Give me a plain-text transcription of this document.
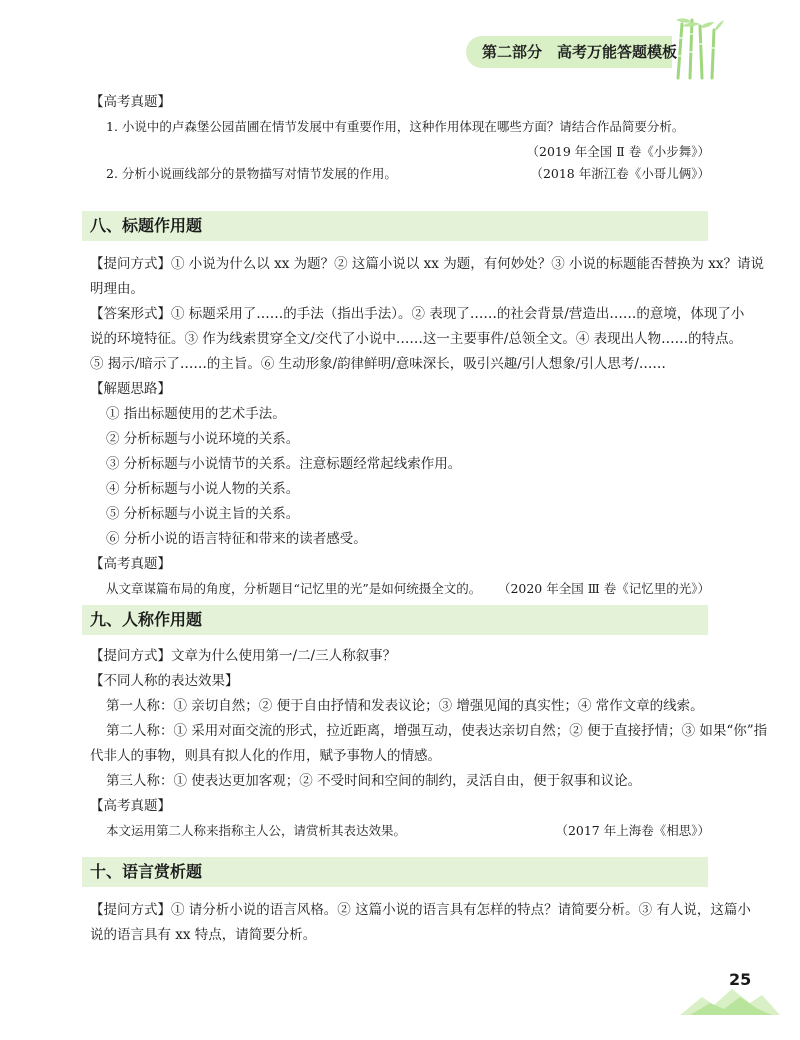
第二部分　高考万能答题模板
【高考真题】
1. 小说中的卢森堡公园苗圃在情节发展中有重要作用，这种作用体现在哪些方面？请结合作品简要分析。
（2019 年全国 Ⅱ 卷《小步舞》）
2. 分析小说画线部分的景物描写对情节发展的作用。	（2018 年浙江卷《小哥儿俩》）
八、标题作用题
【提问方式】① 小说为什么以 xx 为题？② 这篇小说以 xx 为题，有何妙处？③ 小说的标题能否替换为 xx？请说
明理由。
【答案形式】① 标题采用了……的手法（指出手法）。② 表现了……的社会背景/营造出……的意境，体现了小
说的环境特征。③ 作为线索贯穿全文/交代了小说中……这一主要事件/总领全文。④ 表现出人物……的特点。
⑤ 揭示/暗示了……的主旨。⑥ 生动形象/韵律鲜明/意味深长，吸引兴趣/引人想象/引人思考/……
【解题思路】
① 指出标题使用的艺术手法。
② 分析标题与小说环境的关系。
③ 分析标题与小说情节的关系。注意标题经常起线索作用。
④ 分析标题与小说人物的关系。
⑤ 分析标题与小说主旨的关系。
⑥ 分析小说的语言特征和带来的读者感受。
【高考真题】
从文章谋篇布局的角度，分析题目“记忆里的光”是如何统摄全文的。 （2020 年全国 Ⅲ 卷《记忆里的光》）
九、人称作用题
【提问方式】文章为什么使用第一/二/三人称叙事？
【不同人称的表达效果】
第一人称：① 亲切自然；② 便于自由抒情和发表议论；③ 增强见闻的真实性；④ 常作文章的线索。
第二人称：① 采用对面交流的形式，拉近距离，增强互动，使表达亲切自然；② 便于直接抒情；③ 如果“你”指
代非人的事物，则具有拟人化的作用，赋予事物人的情感。
第三人称：① 使表达更加客观；② 不受时间和空间的制约，灵活自由，便于叙事和议论。
【高考真题】
本文运用第二人称来指称主人公，请赏析其表达效果。	（2017 年上海卷《相思》）
十、语言赏析题
【提问方式】① 请分析小说的语言风格。② 这篇小说的语言具有怎样的特点？请简要分析。③ 有人说，这篇小
说的语言具有 xx 特点，请简要分析。
25
